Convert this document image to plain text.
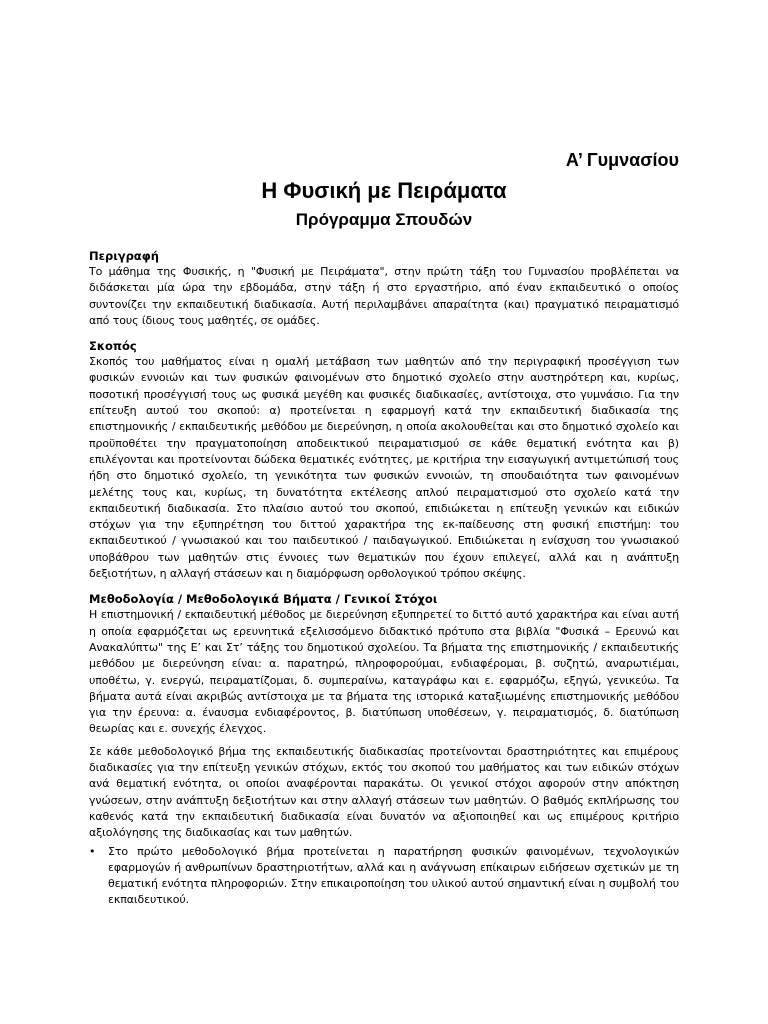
Α’ Γυμνασίου

Η Φυσική με Πειράματα

Πρόγραμμα Σπουδών

Περιγραφή

Το μάθημα της Φυσικής, η "Φυσική με Πειράματα", στην πρώτη τάξη του Γυμνασίου προβλέπεται να διδάσκεται μία ώρα την εβδομάδα, στην τάξη ή στο εργαστήριο, από έναν εκπαιδευτικό ο οποίος συντονίζει την εκπαιδευτική διαδικασία. Αυτή περιλαμβάνει απαραίτητα (και) πραγματικό πειραματισμό από τους ίδιους τους μαθητές, σε ομάδες.

Σκοπός

Σκοπός του μαθήματος είναι η ομαλή μετάβαση των μαθητών από την περιγραφική προσέγγιση των φυσικών εννοιών και των φυσικών φαινομένων στο δημοτικό σχολείο στην αυστηρότερη και, κυρίως, ποσοτική προσέγγισή τους ως φυσικά μεγέθη και φυσικές διαδικασίες, αντίστοιχα, στο γυμνάσιο. Για την επίτευξη αυτού του σκοπού: α) προτείνεται η εφαρμογή κατά την εκπαιδευτική διαδικασία της επιστημονικής / εκπαιδευτικής μεθόδου με διερεύνηση, η οποία ακολουθείται και στο δημοτικό σχολείο και προϋποθέτει την πραγματοποίηση αποδεικτικού πειραματισμού σε κάθε θεματική ενότητα και β) επιλέγονται και προτείνονται δώδεκα θεματικές ενότητες, με κριτήρια την εισαγωγική αντιμετώπισή τους ήδη στο δημοτικό σχολείο, τη γενικότητα των φυσικών εννοιών, τη σπουδαιότητα των φαινομένων μελέτης τους και, κυρίως, τη δυνατότητα εκτέλεσης απλού πειραματισμού στο σχολείο κατά την εκπαιδευτική διαδικασία. Στο πλαίσιο αυτού του σκοπού, επιδιώκεται η επίτευξη γενικών και ειδικών στόχων για την εξυπηρέτηση του διττού χαρακτήρα της εκ-παίδευσης στη φυσική επιστήμη: του εκπαιδευτικού / γνωσιακού και του παιδευτικού / παιδαγωγικού. Επιδιώκεται η ενίσχυση του γνωσιακού υποβάθρου των μαθητών στις έννοιες των θεματικών που έχουν επιλεγεί, αλλά και η ανάπτυξη δεξιοτήτων, η αλλαγή στάσεων και η διαμόρφωση ορθολογικού τρόπου σκέψης.

Μεθοδολογία / Μεθοδολογικά Βήματα / Γενικοί Στόχοι

Η επιστημονική / εκπαιδευτική μέθοδος με διερεύνηση εξυπηρετεί το διττό αυτό χαρακτήρα και είναι αυτή η οποία εφαρμόζεται ως ερευνητικά εξελισσόμενο διδακτικό πρότυπο στα βιβλία "Φυσικά – Ερευνώ και Ανακαλύπτω" της Ε’ και Στ’ τάξης του δημοτικού σχολείου. Τα βήματα της επιστημονικής / εκπαιδευτικής μεθόδου με διερεύνηση είναι: α. παρατηρώ, πληροφορούμαι, ενδιαφέρομαι, β. συζητώ, αναρωτιέμαι, υποθέτω, γ. ενεργώ, πειραματίζομαι, δ. συμπεραίνω, καταγράφω και ε. εφαρμόζω, εξηγώ, γενικεύω. Τα βήματα αυτά είναι ακριβώς αντίστοιχα με τα βήματα της ιστορικά καταξιωμένης επιστημονικής μεθόδου για την έρευνα: α. έναυσμα ενδιαφέροντος, β. διατύπωση υποθέσεων, γ. πειραματισμός, δ. διατύπωση θεωρίας και ε. συνεχής έλεγχος.

Σε κάθε μεθοδολογικό βήμα της εκπαιδευτικής διαδικασίας προτείνονται δραστηριότητες και επιμέρους διαδικασίες για την επίτευξη γενικών στόχων, εκτός του σκοπού του μαθήματος και των ειδικών στόχων ανά θεματική ενότητα, οι οποίοι αναφέρονται παρακάτω. Οι γενικοί στόχοι αφορούν στην απόκτηση γνώσεων, στην ανάπτυξη δεξιοτήτων και στην αλλαγή στάσεων των μαθητών. Ο βαθμός εκπλήρωσης του καθενός κατά την εκπαιδευτική διαδικασία είναι δυνατόν να αξιοποιηθεί και ως επιμέρους κριτήριο αξιολόγησης της διαδικασίας και των μαθητών.

• Στο πρώτο μεθοδολογικό βήμα προτείνεται η παρατήρηση φυσικών φαινομένων, τεχνολογικών εφαρμογών ή ανθρωπίνων δραστηριοτήτων, αλλά και η ανάγνωση επίκαιρων ειδήσεων σχετικών με τη θεματική ενότητα πληροφοριών. Στην επικαιροποίηση του υλικού αυτού σημαντική είναι η συμβολή του εκπαιδευτικού.
